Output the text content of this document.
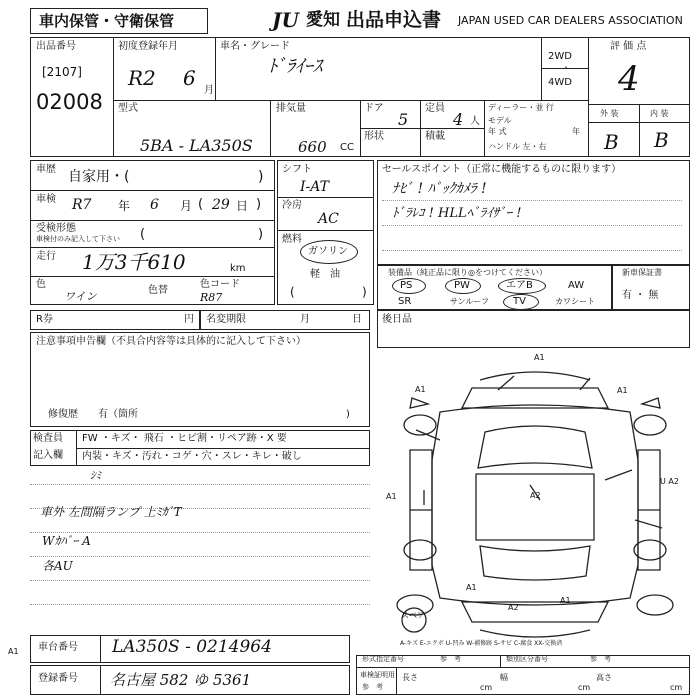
車内保管・守衛保管	JU 愛知 出品申込書 JAPAN USED CAR DEALERS ASSOCIATION
出品番号
[2107]
02008
初度登録年月
R2 6
月
車名・グレード
ﾄﾞﾗｲｰｽ	2WD
・
4WD
評 価 点
4
外 装	内 装
B B
型式
5BA - LA350S
排気量
660 CC
ドア
5
形状
定員
4 人
積載
ディーラー・並 行
モデル
年 式	年
ハンドル 左・右
車歴 自家用・(	)
車検 R7 年 6 月 ( 29 日 )
受検形態
車検付のみ記入して下さい (	)
走行 1万3千610	km
色
ワイン	色替
色コード
R87
シフト
I-AT
冷房
AC
燃料
ガソリン
軽　油
(	)
セールスポイント（正常に機能するものに限ります）
ﾅﾋﾞ ! ﾊﾞｯｸｶﾒﾗ !
ﾄﾞﾗﾚｺ ! HLLﾍﾞﾗｲｻﾞｰ !
装備品（純正品に限り◎をつけてください）
PS	PW	エアB	AW
SR	サンルーフ TV	カワシート
新車保証書
有 ・ 無
R券	円 名変期限	月	日 後日品
注意事項申告欄（不具合内容等は具体的に記入して下さい）
修復歴　　有（箇所	)
検査員
記入欄
FW ・キズ・ 飛石 ・ヒビ割・リペア跡・X 要
内装・キズ・汚れ・コゲ・穴・スレ・キレ・破し
ｼﾐ
車外 左間隔ランプ 上ﾐｶﾞT
Wｶﾊﾞｰ A
各AU
A1
A1	A1
A1	A2
U A2
A1
A2
A1
スペア
A-キズ E-エクボ U-凹み W-補修跡 S-サビ C-腐食 XX-交換済
車台番号 LA350S - 0214964
登録番号 名古屋 582 ゆ 5361
A1
形式指定番号	参　考	類別区分番号	参　考
車検証明用
参　考
長さ
cm
幅
cm
高さ
cm
